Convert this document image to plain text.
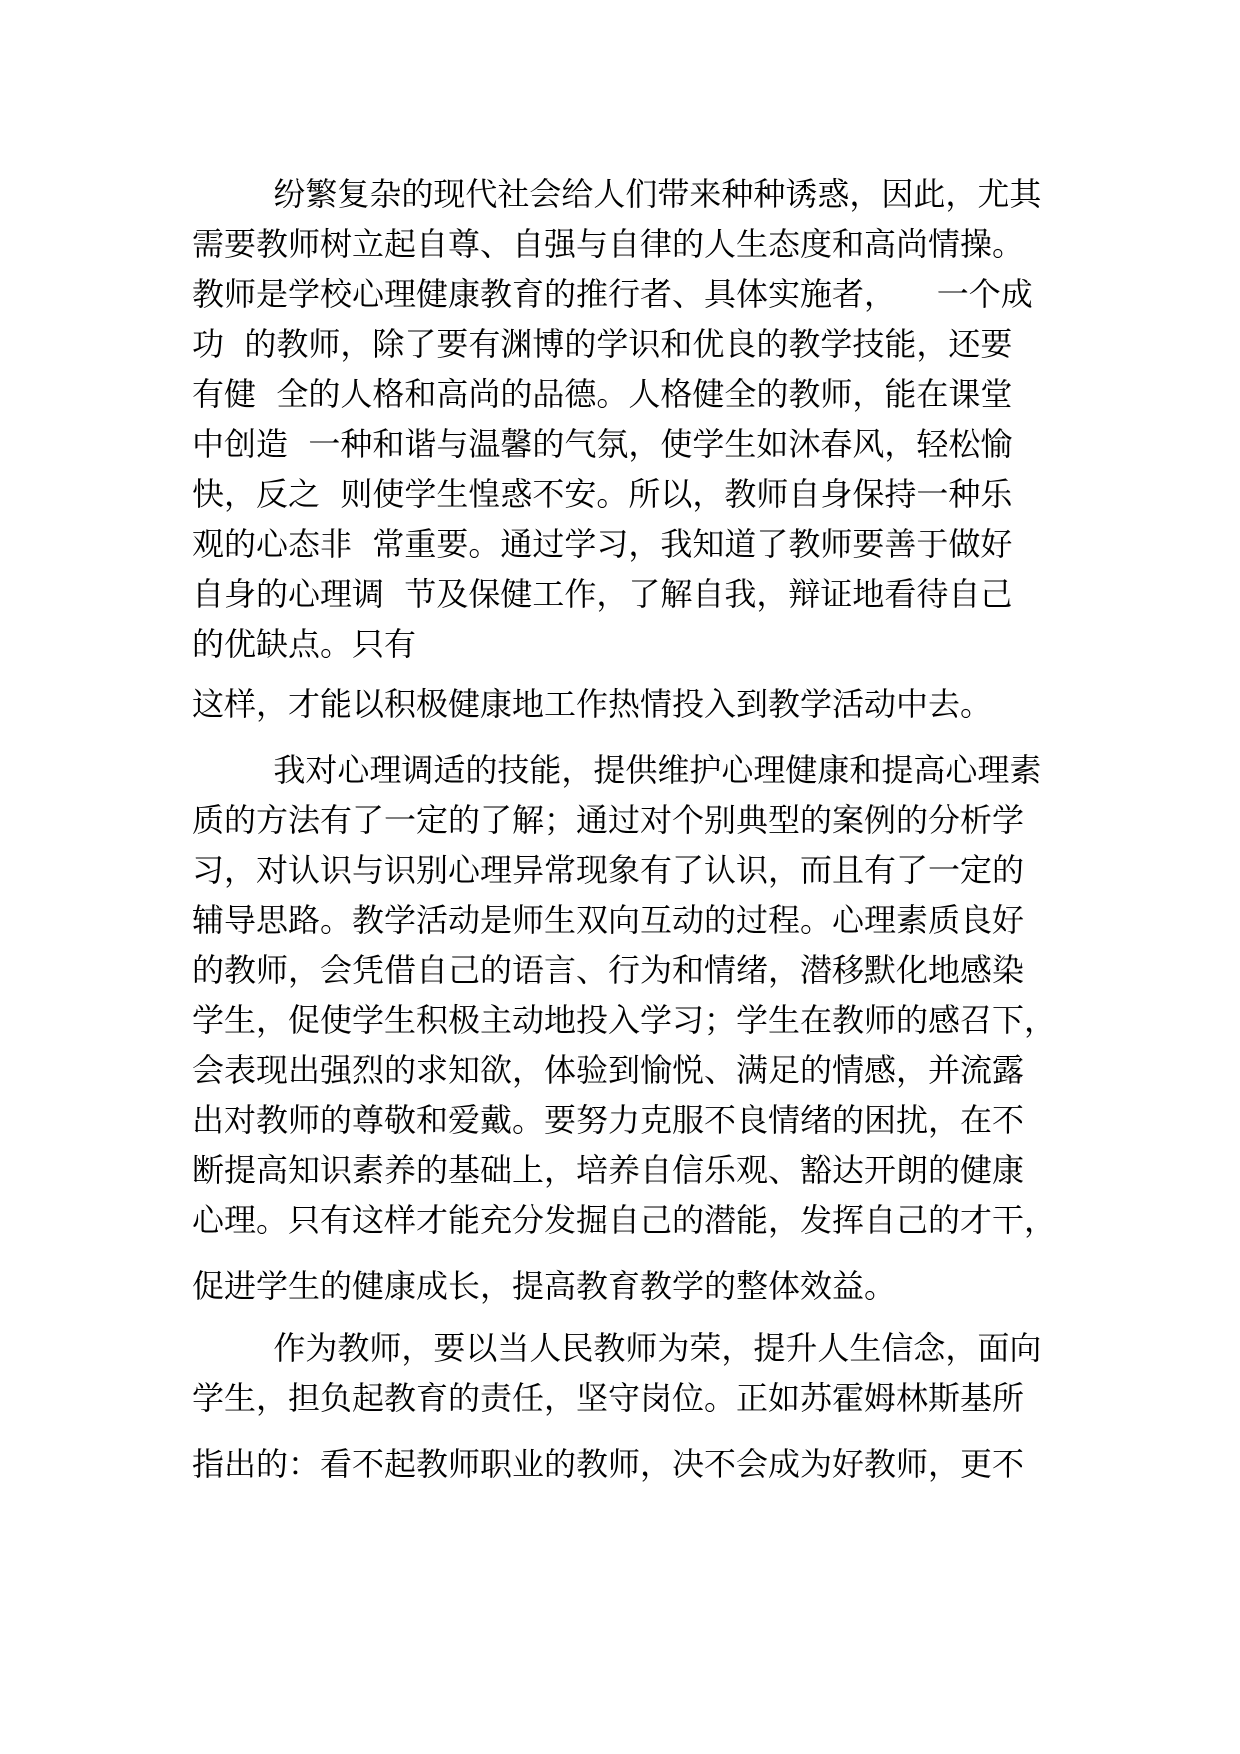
纷繁复杂的现代社会给人们带来种种诱惑，因此，尤其

需要教师树立起自尊、自强与自律的人生态度和高尚情操。

教师是学校心理健康教育的推行者、具体实施者，    一个成

功  的教师，除了要有渊博的学识和优良的教学技能，还要

有健  全的人格和高尚的品德。人格健全的教师，能在课堂

中创造  一种和谐与温馨的气氛，使学生如沐春风，轻松愉

快，反之  则使学生惶惑不安。所以，教师自身保持一种乐

观的心态非  常重要。通过学习，我知道了教师要善于做好

自身的心理调  节及保健工作，了解自我，辩证地看待自己

的优缺点。只有

这样，才能以积极健康地工作热情投入到教学活动中去。

我对心理调适的技能，提供维护心理健康和提高心理素

质的方法有了一定的了解；通过对个别典型的案例的分析学

习，对认识与识别心理异常现象有了认识，而且有了一定的

辅导思路。教学活动是师生双向互动的过程。心理素质良好

的教师，会凭借自己的语言、行为和情绪，潜移默化地感染

学生，促使学生积极主动地投入学习；学生在教师的感召下，

会表现出强烈的求知欲，体验到愉悦、满足的情感，并流露

出对教师的尊敬和爱戴。要努力克服不良情绪的困扰，在不

断提高知识素养的基础上，培养自信乐观、豁达开朗的健康

心理。只有这样才能充分发掘自己的潜能，发挥自己的才干，

促进学生的健康成长，提高教育教学的整体效益。

作为教师，要以当人民教师为荣，提升人生信念，面向

学生，担负起教育的责任，坚守岗位。正如苏霍姆林斯基所

指出的：看不起教师职业的教师，决不会成为好教师，更不
